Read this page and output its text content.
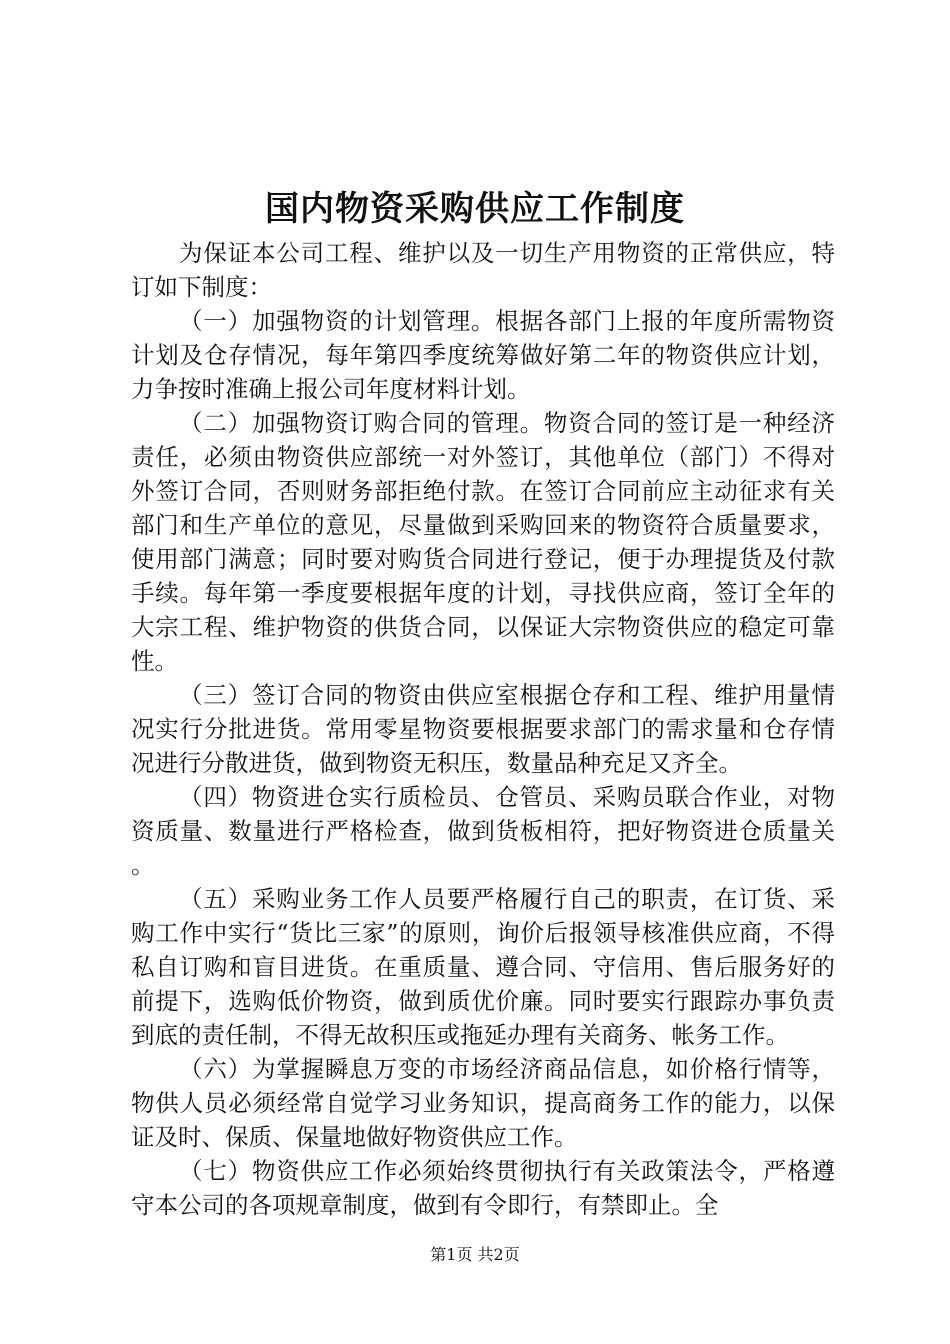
国内物资采购供应工作制度

为保证本公司工程、维护以及一切生产用物资的正常供应，特订如下制度：

（一）加强物资的计划管理。根据各部门上报的年度所需物资计划及仓存情况，每年第四季度统筹做好第二年的物资供应计划，力争按时准确上报公司年度材料计划。

（二）加强物资订购合同的管理。物资合同的签订是一种经济责任，必须由物资供应部统一对外签订，其他单位（部门）不得对外签订合同，否则财务部拒绝付款。在签订合同前应主动征求有关部门和生产单位的意见，尽量做到采购回来的物资符合质量要求，使用部门满意；同时要对购货合同进行登记，便于办理提货及付款手续。每年第一季度要根据年度的计划，寻找供应商，签订全年的大宗工程、维护物资的供货合同，以保证大宗物资供应的稳定可靠性。

（三）签订合同的物资由供应室根据仓存和工程、维护用量情况实行分批进货。常用零星物资要根据要求部门的需求量和仓存情况进行分散进货，做到物资无积压，数量品种充足又齐全。

（四）物资进仓实行质检员、仓管员、采购员联合作业，对物资质量、数量进行严格检查，做到货板相符，把好物资进仓质量关。

（五）采购业务工作人员要严格履行自己的职责，在订货、采购工作中实行“货比三家”的原则，询价后报领导核准供应商，不得私自订购和盲目进货。在重质量、遵合同、守信用、售后服务好的前提下，选购低价物资，做到质优价廉。同时要实行跟踪办事负责到底的责任制，不得无故积压或拖延办理有关商务、帐务工作。

（六）为掌握瞬息万变的市场经济商品信息，如价格行情等，物供人员必须经常自觉学习业务知识，提高商务工作的能力，以保证及时、保质、保量地做好物资供应工作。

（七）物资供应工作必须始终贯彻执行有关政策法令，严格遵守本公司的各项规章制度，做到有令即行，有禁即止。全

第1页 共2页
